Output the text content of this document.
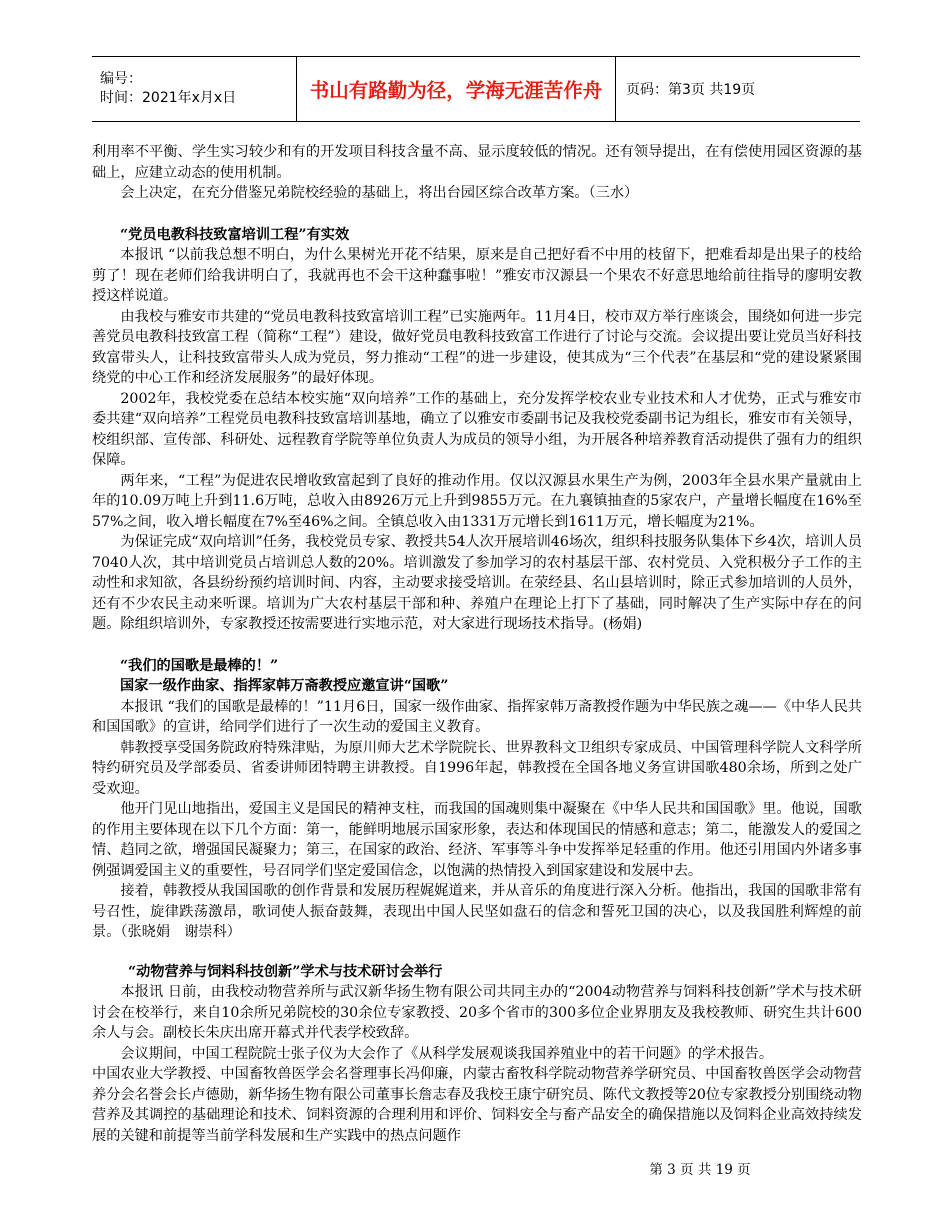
编号：
时间：2021年x月x日	书山有路勤为径，学海无涯苦作舟 页码：第3页 共19页

利用率不平衡、学生实习较少和有的开发项目科技含量不高、显示度较低的情况。还有领导提出，在有偿使用园区资源的基础上，应建立动态的使用机制。

会上决定，在充分借鉴兄弟院校经验的基础上，将出台园区综合改革方案。（三水）

“党员电教科技致富培训工程”有实效

本报讯 “以前我总想不明白，为什么果树光开花不结果，原来是自己把好看不中用的枝留下，把难看却是出果子的枝给剪了！现在老师们给我讲明白了，我就再也不会干这种蠢事啦！”雅安市汉源县一个果农不好意思地给前往指导的廖明安教授这样说道。

由我校与雅安市共建的“党员电教科技致富培训工程”已实施两年。11月4日，校市双方举行座谈会，围绕如何进一步完善党员电教科技致富工程（简称“工程”）建设，做好党员电教科技致富工作进行了讨论与交流。会议提出要让党员当好科技致富带头人，让科技致富带头人成为党员，努力推动“工程”的进一步建设，使其成为“三个代表”在基层和“党的建设紧紧围绕党的中心工作和经济发展服务”的最好体现。

2002年，我校党委在总结本校实施“双向培养”工作的基础上，充分发挥学校农业专业技术和人才优势，正式与雅安市委共建“双向培养”工程党员电教科技致富培训基地，确立了以雅安市委副书记及我校党委副书记为组长，雅安市有关领导，校组织部、宣传部、科研处、远程教育学院等单位负责人为成员的领导小组，为开展各种培养教育活动提供了强有力的组织保障。

两年来，“工程”为促进农民增收致富起到了良好的推动作用。仅以汉源县水果生产为例，2003年全县水果产量就由上年的10.09万吨上升到11.6万吨，总收入由8926万元上升到9855万元。在九襄镇抽查的5家农户，产量增长幅度在16%至57%之间，收入增长幅度在7%至46%之间。全镇总收入由1331万元增长到1611万元，增长幅度为21%。

为保证完成“双向培训”任务，我校党员专家、教授共54人次开展培训46场次，组织科技服务队集体下乡4次，培训人员7040人次，其中培训党员占培训总人数的20%。培训激发了参加学习的农村基层干部、农村党员、入党积极分子工作的主动性和求知欲，各县纷纷预约培训时间、内容，主动要求接受培训。在荥经县、名山县培训时，除正式参加培训的人员外，还有不少农民主动来听课。培训为广大农村基层干部和种、养殖户在理论上打下了基础，同时解决了生产实际中存在的问题。除组织培训外，专家教授还按需要进行实地示范，对大家进行现场技术指导。(杨娟)

“我们的国歌是最棒的！”

国家一级作曲家、指挥家韩万斋教授应邀宣讲“国歌”

本报讯 “我们的国歌是最棒的！”11月6日，国家一级作曲家、指挥家韩万斋教授作题为中华民族之魂——《中华人民共和国国歌》的宣讲，给同学们进行了一次生动的爱国主义教育。

韩教授享受国务院政府特殊津贴，为原川师大艺术学院院长、世界教科文卫组织专家成员、中国管理科学院人文科学所特约研究员及学部委员、省委讲师团特聘主讲教授。自1996年起，韩教授在全国各地义务宣讲国歌480余场，所到之处广受欢迎。

他开门见山地指出，爱国主义是国民的精神支柱，而我国的国魂则集中凝聚在《中华人民共和国国歌》里。他说，国歌的作用主要体现在以下几个方面：第一，能鲜明地展示国家形象，表达和体现国民的情感和意志；第二，能激发人的爱国之情、趋同之欲，增强国民凝聚力；第三，在国家的政治、经济、军事等斗争中发挥举足轻重的作用。他还引用国内外诸多事例强调爱国主义的重要性，号召同学们坚定爱国信念，以饱满的热情投入到国家建设和发展中去。

接着，韩教授从我国国歌的创作背景和发展历程娓娓道来，并从音乐的角度进行深入分析。他指出，我国的国歌非常有号召性，旋律跌荡激昂，歌词使人振奋鼓舞，表现出中国人民坚如盘石的信念和誓死卫国的决心，以及我国胜利辉煌的前景。（张晓娟　谢崇科）

“动物营养与饲料科技创新”学术与技术研讨会举行

本报讯 日前，由我校动物营养所与武汉新华扬生物有限公司共同主办的“2004动物营养与饲料科技创新”学术与技术研讨会在校举行，来自10余所兄弟院校的30余位专家教授、20多个省市的300多位企业界朋友及我校教师、研究生共计600余人与会。副校长朱庆出席开幕式并代表学校致辞。

会议期间，中国工程院院士张子仪为大会作了《从科学发展观谈我国养殖业中的若干问题》的学术报告。

中国农业大学教授、中国畜牧兽医学会名誉理事长冯仰廉，内蒙古畜牧科学院动物营养学研究员、中国畜牧兽医学会动物营养分会名誉会长卢德勋，新华扬生物有限公司董事长詹志春及我校王康宁研究员、陈代文教授等20位专家教授分别围绕动物营养及其调控的基础理论和技术、饲料资源的合理利用和评价、饲料安全与畜产品安全的确保措施以及饲料企业高效持续发展的关键和前提等当前学科发展和生产实践中的热点问题作

第 3 页 共 19 页
